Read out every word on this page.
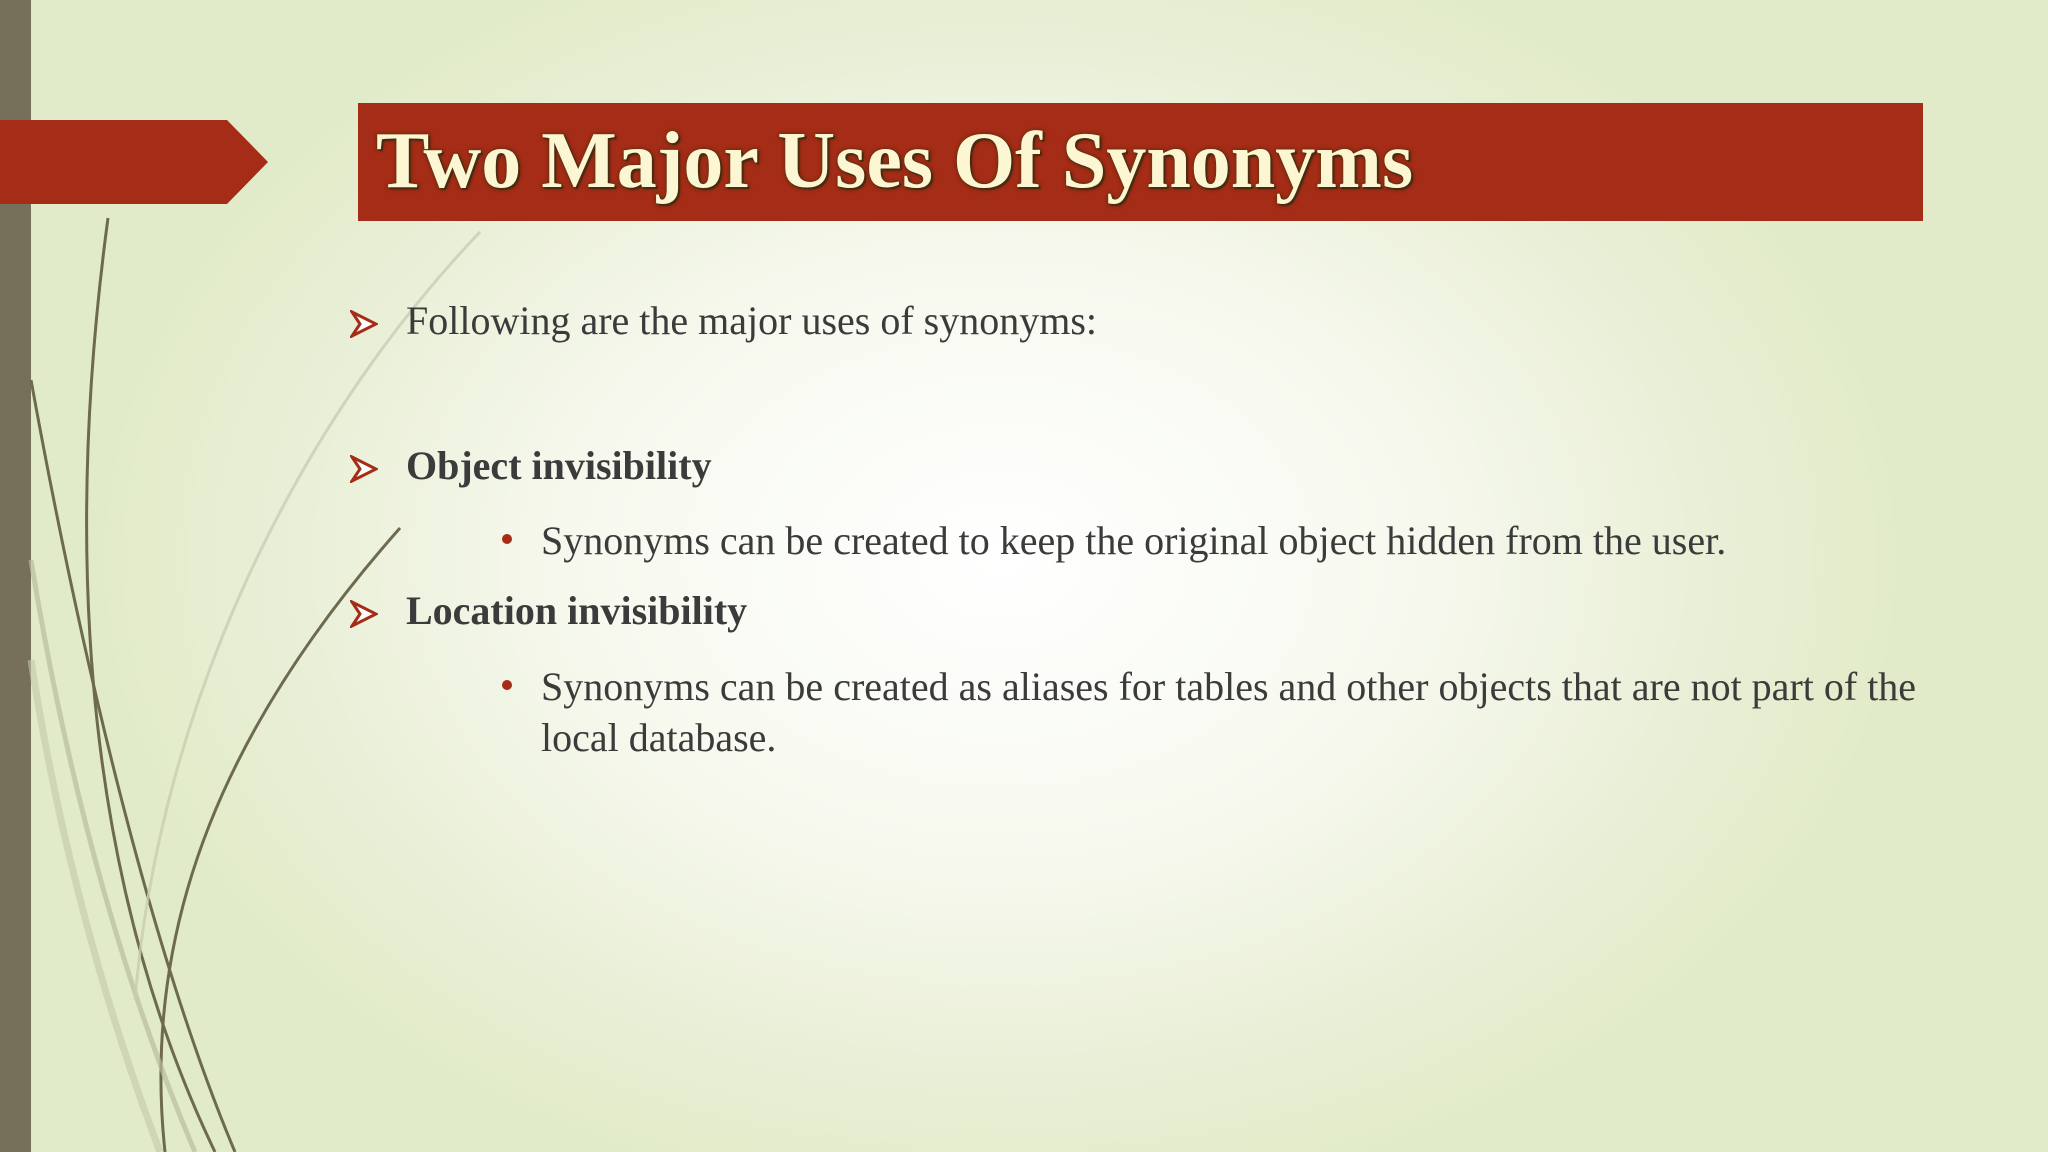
Two Major Uses Of Synonyms
Following are the major uses of synonyms:
Object invisibility
Synonyms can be created to keep the original object hidden from the user.
Location invisibility
Synonyms can be created as aliases for tables and other objects that are not part of the local database.
